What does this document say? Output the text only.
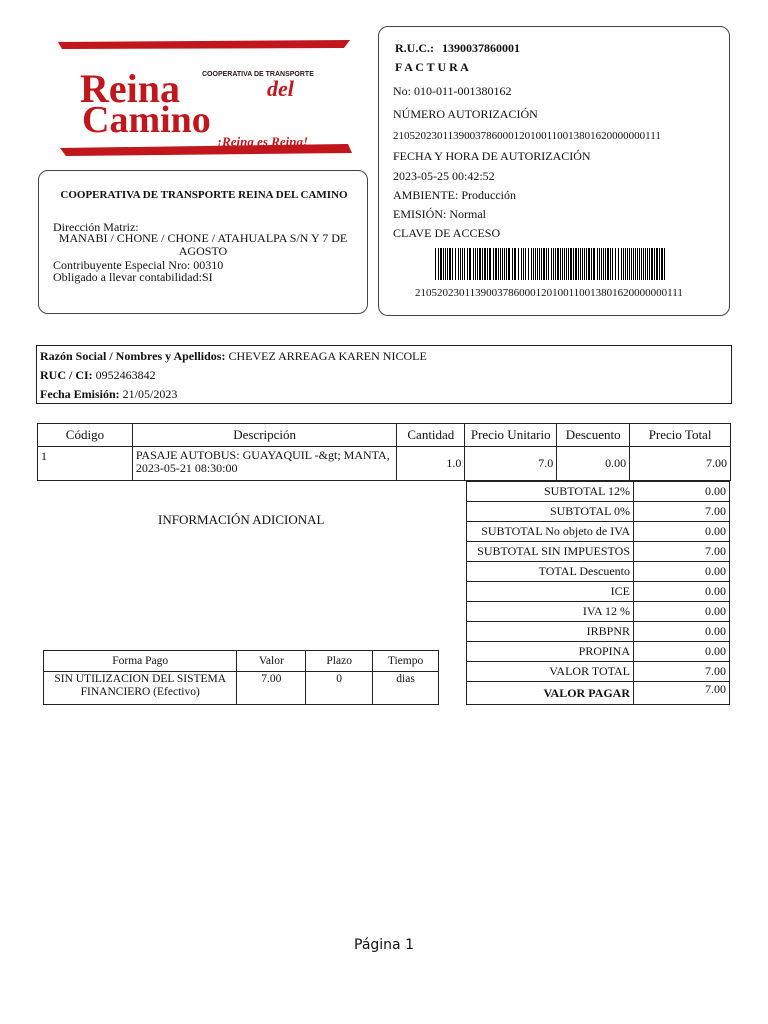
COOPERATIVA DE TRANSPORTE
Reina	del
Camino
¡Reina es Reina!
COOPERATIVA DE TRANSPORTE REINA DEL CAMINO
Dirección Matriz:
MANABI / CHONE / CHONE / ATAHUALPA S/N Y 7 DE AGOSTO
Contribuyente Especial Nro: 00310
Obligado a llevar contabilidad:SI
R.U.C.: 1390037860001
F A C T U R A
No: 010-011-001380162
NÚMERO AUTORIZACIÓN
2105202301139003786000120100110013801620000000111
FECHA Y HORA DE AUTORIZACIÓN
2023-05-25 00:42:52
AMBIENTE: Producción
EMISIÓN: Normal
CLAVE DE ACCESO
2105202301139003786000120100110013801620000000111
Razón Social / Nombres y Apellidos: CHEVEZ ARREAGA KAREN NICOLE
RUC / CI: 0952463842
Fecha Emisión: 21/05/2023
Código	Descripción	Cantidad	Precio Unitario	Descuento	Precio Total
1	PASAJE AUTOBUS: GUAYAQUIL -&gt; MANTA, 2023-05-21 08:30:00	1.0	7.0	0.00	7.00
INFORMACIÓN ADICIONAL
SUBTOTAL 12%	0.00
SUBTOTAL 0%	7.00
SUBTOTAL No objeto de IVA	0.00
SUBTOTAL SIN IMPUESTOS	7.00
TOTAL Descuento	0.00
ICE	0.00
IVA 12 %	0.00
IRBPNR	0.00
PROPINA	0.00
VALOR TOTAL	7.00
VALOR PAGAR	7.00
Forma Pago	Valor	Plazo	Tiempo
SIN UTILIZACION DEL SISTEMA FINANCIERO (Efectivo)	7.00	0	dias
Página 1
